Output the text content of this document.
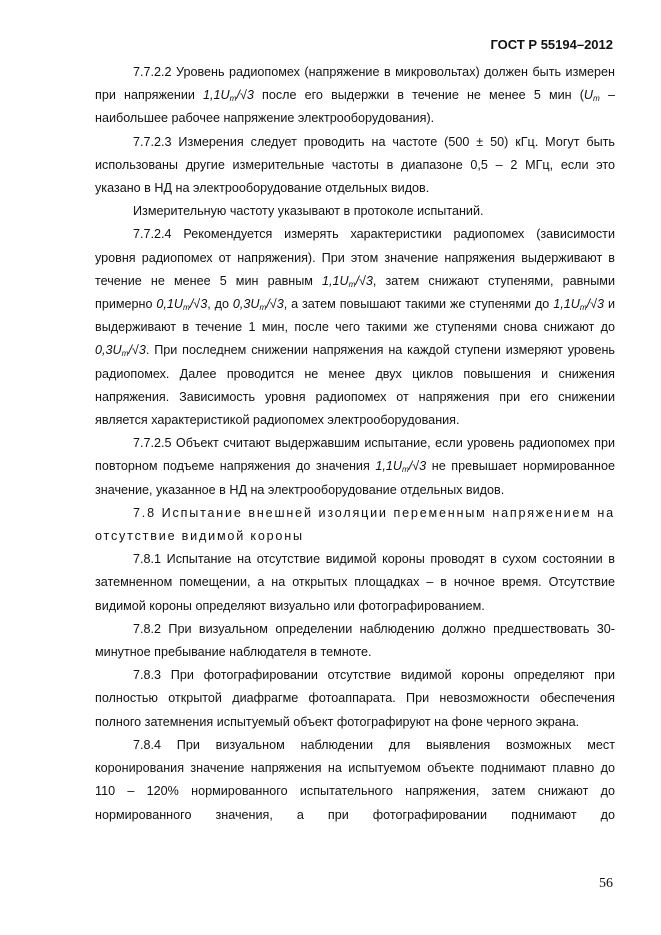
ГОСТ Р 55194–2012

7.7.2.2 Уровень радиопомех (напряжение в микровольтах) должен быть измерен при напряжении $1,1U_m/√3$ после его выдержки в течение не менее 5 мин ($U_m$ – наибольшее рабочее напряжение электрооборудования).

7.7.2.3 Измерения следует проводить на частоте (500 ± 50) кГц. Могут быть использованы другие измерительные частоты в диапазоне 0,5 – 2 МГц, если это указано в НД на электрооборудование отдельных видов.

Измерительную частоту указывают в протоколе испытаний.

7.7.2.4 Рекомендуется измерять характеристики радиопомех (зависимости уровня радиопомех от напряжения). При этом значение напряжения выдерживают в течение не менее 5 мин равным $1,1U_m/√3$, затем снижают ступенями, равными примерно $0,1U_m/√3$, до $0,3U_m/√3$, а затем повышают такими же ступенями до $1,1U_m/√3$ и выдерживают в течение 1 мин, после чего такими же ступенями снова снижают до $0,3U_m/√3$. При последнем снижении напряжения на каждой ступени измеряют уровень радиопомех. Далее проводится не менее двух циклов повышения и снижения напряжения. Зависимость уровня радиопомех от напряжения при его снижении является характеристикой радиопомех электрооборудования.

7.7.2.5 Объект считают выдержавшим испытание, если уровень радиопомех при повторном подъеме напряжения до значения $1,1U_m/√3$ не превышает нормированное значение, указанное в НД на электрооборудование отдельных видов.

7.8 Испытание внешней изоляции переменным напряжением на отсутствие видимой короны

7.8.1 Испытание на отсутствие видимой короны проводят в сухом состоянии в затемненном помещении, а на открытых площадках – в ночное время. Отсутствие видимой короны определяют визуально или фотографированием.

7.8.2 При визуальном определении наблюдению должно предшествовать 30-минутное пребывание наблюдателя в темноте.

7.8.3 При фотографировании отсутствие видимой короны определяют при полностью открытой диафрагме фотоаппарата. При невозможности обеспечения полного затемнения испытуемый объект фотографируют на фоне черного экрана.

7.8.4 При визуальном наблюдении для выявления возможных мест коронирования значение напряжения на испытуемом объекте поднимают плавно до 110 – 120% нормированного испытательного напряжения, затем снижают до нормированного значения, а при фотографировании поднимают до

56
